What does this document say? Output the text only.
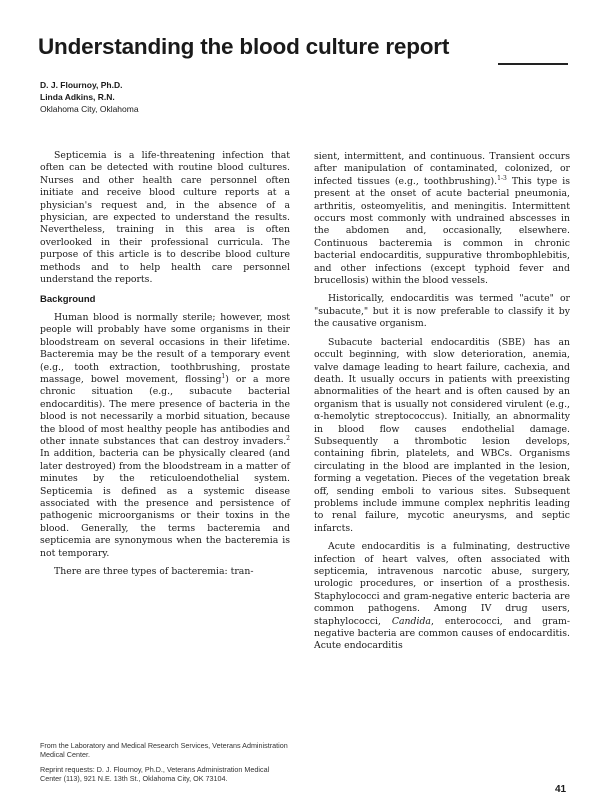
Understanding the blood culture report
D. J. Flournoy, Ph.D.
Linda Adkins, R.N.
Oklahoma City, Oklahoma

Septicemia is a life-threatening infection that often can be detected with routine blood cultures. Nurses and other health care personnel often initiate and receive blood culture reports at a physician's request and, in the absence of a physician, are expected to understand the results. Nevertheless, training in this area is often overlooked in their professional curricula. The purpose of this article is to describe blood culture methods and to help health care personnel understand the reports.

Background

Human blood is normally sterile; however, most people will probably have some organisms in their bloodstream on several occasions in their lifetime. Bacteremia may be the result of a temporary event (e.g., tooth extraction, toothbrushing, prostate massage, bowel movement, flossing$^1$) or a more chronic situation (e.g., subacute bacterial endocarditis). The mere presence of bacteria in the blood is not necessarily a morbid situation, because the blood of most healthy people has antibodies and other innate substances that can destroy invaders.$^2$ In addition, bacteria can be physically cleared (and later destroyed) from the bloodstream in a matter of minutes by the reticuloendothelial system. Septicemia is defined as a systemic disease associated with the presence and persistence of pathogenic microorganisms or their toxins in the blood. Generally, the terms bacteremia and septicemia are synonymous when the bacteremia is not temporary.

There are three types of bacteremia: tran-

sient, intermittent, and continuous. Transient occurs after manipulation of contaminated, colonized, or infected tissues (e.g., toothbrushing).$^{1-3}$ This type is present at the onset of acute bacterial pneumonia, arthritis, osteomyelitis, and meningitis. Intermittent occurs most commonly with undrained abscesses in the abdomen and, occasionally, elsewhere. Continuous bacteremia is common in chronic bacterial endocarditis, suppurative thrombophlebitis, and other infections (except typhoid fever and brucellosis) within the blood vessels.

Historically, endocarditis was termed "acute" or "subacute," but it is now preferable to classify it by the causative organism.

Subacute bacterial endocarditis (SBE) has an occult beginning, with slow deterioration, anemia, valve damage leading to heart failure, cachexia, and death. It usually occurs in patients with preexisting abnormalities of the heart and is often caused by an organism that is usually not considered virulent (e.g., α-hemolytic streptococcus). Initially, an abnormality in blood flow causes endothelial damage. Subsequently a thrombotic lesion develops, containing fibrin, platelets, and WBCs. Organisms circulating in the blood are implanted in the lesion, forming a vegetation. Pieces of the vegetation break off, sending emboli to various sites. Subsequent problems include immune complex nephritis leading to renal failure, mycotic aneurysms, and septic infarcts.

Acute endocarditis is a fulminating, destructive infection of heart valves, often associated with septicemia, intravenous narcotic abuse, surgery, urologic procedures, or insertion of a prosthesis. Staphylococci and gram-negative enteric bacteria are common pathogens. Among IV drug users, staphylococci, Candida, enterococci, and gram-negative bacteria are common causes of endocarditis. Acute endocarditis

From the Laboratory and Medical Research Services, Veterans Administration Medical Center.
Reprint requests: D. J. Flournoy, Ph.D., Veterans Administration Medical Center (113), 921 N.E. 13th St., Oklahoma City, OK 73104.
41
